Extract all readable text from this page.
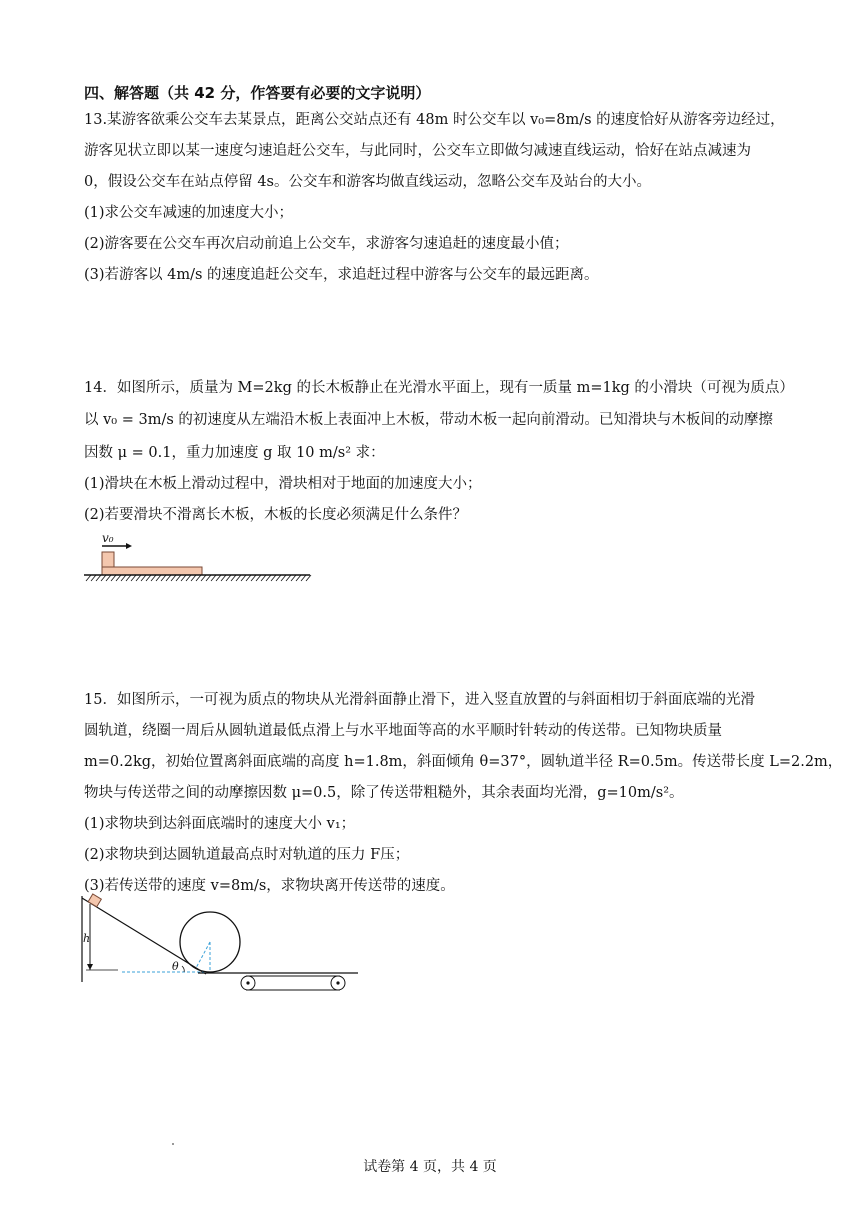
四、解答题（共 42 分，作答要有必要的文字说明）
13.某游客欲乘公交车去某景点，距离公交站点还有 48m 时公交车以 v₀=8m/s 的速度恰好从游客旁边经过，
游客见状立即以某一速度匀速追赶公交车，与此同时，公交车立即做匀减速直线运动，恰好在站点减速为
0，假设公交车在站点停留 4s。公交车和游客均做直线运动，忽略公交车及站台的大小。
(1)求公交车减速的加速度大小；
(2)游客要在公交车再次启动前追上公交车，求游客匀速追赶的速度最小值；
(3)若游客以 4m/s 的速度追赶公交车，求追赶过程中游客与公交车的最远距离。
14．如图所示，质量为 M=2kg 的长木板静止在光滑水平面上，现有一质量 m=1kg 的小滑块（可视为质点）
以 v₀ = 3m/s 的初速度从左端沿木板上表面冲上木板，带动木板一起向前滑动。已知滑块与木板间的动摩擦
因数 μ = 0.1，重力加速度 g 取 10 m/s² 求：
(1)滑块在木板上滑动过程中，滑块相对于地面的加速度大小；
(2)若要滑块不滑离长木板，木板的长度必须满足什么条件？
v₀
15．如图所示，一可视为质点的物块从光滑斜面静止滑下，进入竖直放置的与斜面相切于斜面底端的光滑
圆轨道，绕圈一周后从圆轨道最低点滑上与水平地面等高的水平顺时针转动的传送带。已知物块质量
m=0.2kg，初始位置离斜面底端的高度 h=1.8m，斜面倾角 θ=37°，圆轨道半径 R=0.5m。传送带长度 L=2.2m，
物块与传送带之间的动摩擦因数 μ=0.5，除了传送带粗糙外，其余表面均光滑，g=10m/s²。
(1)求物块到达斜面底端时的速度大小 v₁；
(2)求物块到达圆轨道最高点时对轨道的压力 F压；
(3)若传送带的速度 v=8m/s，求物块离开传送带的速度。
h
θ
试卷第 4 页，共 4 页
